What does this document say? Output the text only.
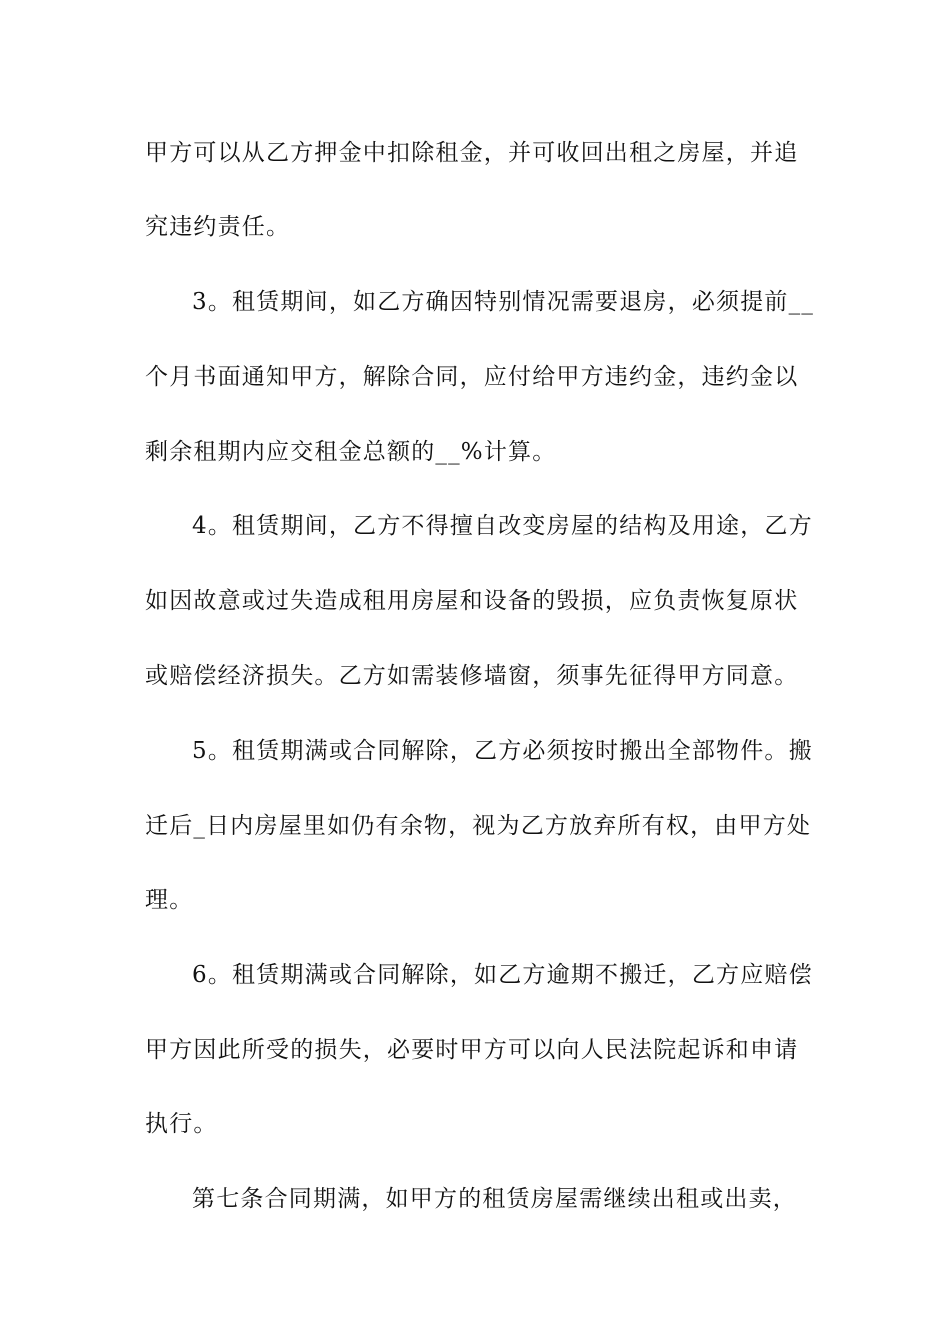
甲方可以从乙方押金中扣除租金，并可收回出租之房屋，并追
究违约责任。
3。租赁期间，如乙方确因特别情况需要退房，必须提前__
个月书面通知甲方，解除合同，应付给甲方违约金，违约金以
剩余租期内应交租金总额的__%计算。
4。租赁期间，乙方不得擅自改变房屋的结构及用途，乙方
如因故意或过失造成租用房屋和设备的毁损，应负责恢复原状
或赔偿经济损失。乙方如需装修墙窗，须事先征得甲方同意。
5。租赁期满或合同解除，乙方必须按时搬出全部物件。搬
迁后_日内房屋里如仍有余物，视为乙方放弃所有权，由甲方处
理。
6。租赁期满或合同解除，如乙方逾期不搬迁，乙方应赔偿
甲方因此所受的损失，必要时甲方可以向人民法院起诉和申请
执行。
第七条合同期满，如甲方的租赁房屋需继续出租或出卖，
